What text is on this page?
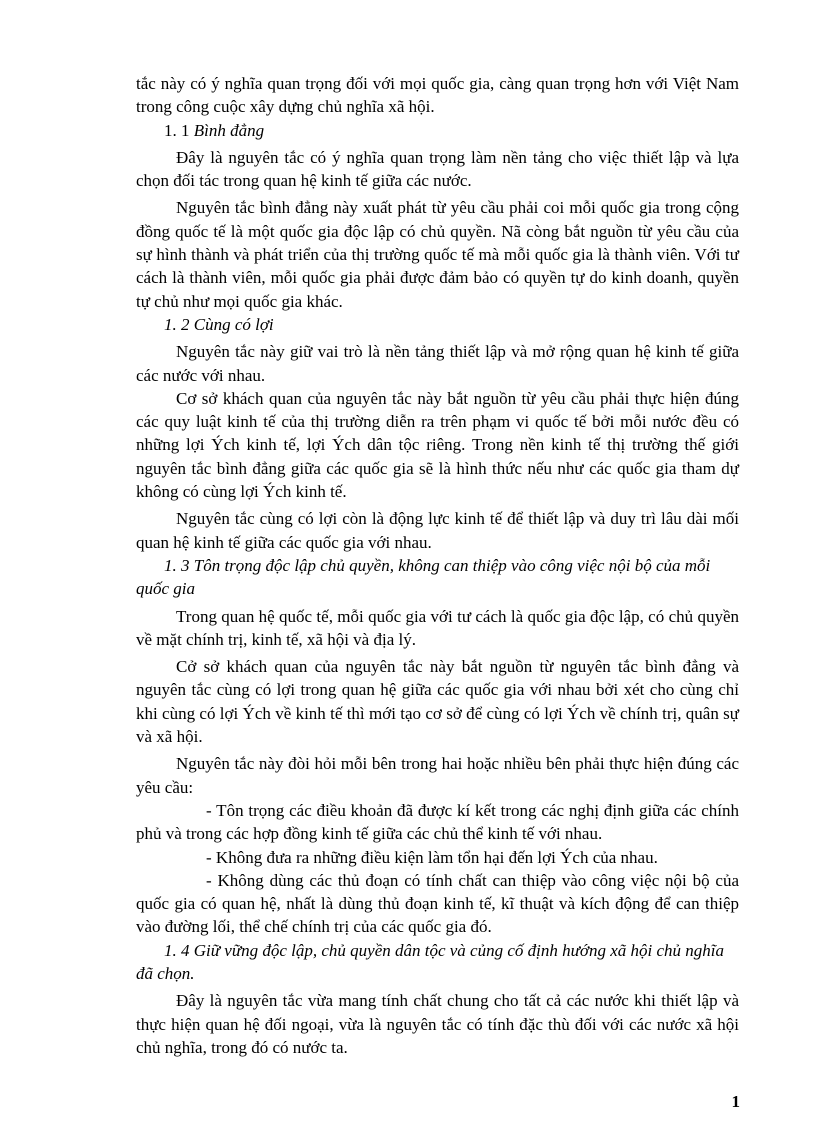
tắc này có ý nghĩa quan trọng đối với mọi quốc gia, càng quan trọng hơn với Việt Nam trong công cuộc xây dựng chủ nghĩa xã hội.

1. 1 Bình đẳng

Đây là nguyên tắc có ý nghĩa quan trọng làm nền tảng cho việc thiết lập và lựa chọn đối tác trong quan hệ kinh tế giữa các nước.

Nguyên tắc bình đẳng này xuất phát từ yêu cầu phải coi mỗi quốc gia trong cộng đồng quốc tế là một quốc gia độc lập có chủ quyền. Nã còng bắt nguồn từ yêu cầu của sự hình thành và phát triển của thị trường quốc tế mà mỗi quốc gia là thành viên. Với tư cách là thành viên, mỗi quốc gia phải được đảm bảo có quyền tự do kinh doanh, quyền tự chủ như mọi quốc gia khác.

1. 2 Cùng có lợi

Nguyên tắc này giữ vai trò là nền tảng thiết lập và mở rộng quan hệ kinh tế giữa các nước với nhau.

Cơ sở khách quan của nguyên tắc này bắt nguồn từ yêu cầu phải thực hiện đúng các quy luật kinh tế của thị trường diễn ra trên phạm vi quốc tế bởi mỗi nước đều có những lợi Ých kinh tế, lợi Ých dân tộc riêng. Trong nền kinh tế thị trường thế giới nguyên tắc bình đẳng giữa các quốc gia sẽ là hình thức nếu như các quốc gia tham dự không có cùng lợi Ých kinh tế.

Nguyên tắc cùng có lợi còn là động lực kinh tế để thiết lập và duy trì lâu dài mối quan hệ kinh tế giữa các quốc gia với nhau.

1. 3 Tôn trọng độc lập chủ quyền, không can thiệp vào công việc nội bộ của mỗi quốc gia

Trong quan hệ quốc tế, mỗi quốc gia với tư cách là quốc gia độc lập, có chủ quyền về mặt chính trị, kinh tế, xã hội và địa lý.

Cở sở khách quan của nguyên tắc này bắt nguồn từ nguyên tắc bình đẳng và nguyên tắc cùng có lợi trong quan hệ giữa các quốc gia với nhau bởi xét cho cùng chỉ khi cùng có lợi Ých về kinh tế thì mới tạo cơ sở để cùng có lợi Ých về chính trị, quân sự và xã hội.

Nguyên tắc này đòi hỏi mỗi bên trong hai hoặc nhiều bên phải thực hiện đúng các yêu cầu:

- Tôn trọng các điều khoản đã được kí kết trong các nghị định giữa các chính phủ và trong các hợp đồng kinh tế giữa các chủ thể kinh tế với nhau.

- Không đưa ra những điều kiện làm tổn hại đến lợi Ých của nhau.

- Không dùng các thủ đoạn có tính chất can thiệp vào công việc nội bộ của quốc gia có quan hệ, nhất là dùng thủ đoạn kinh tế, kĩ thuật và kích động để can thiệp vào đường lối, thể chế chính trị của các quốc gia đó.

1. 4 Giữ vững độc lập, chủ quyền dân tộc và củng cố định hướng xã hội chủ nghĩa đã chọn.

Đây là nguyên tắc vừa mang tính chất chung cho tất cả các nước khi thiết lập và thực hiện quan hệ đối ngoại, vừa là nguyên tắc có tính đặc thù đối với các nước xã hội chủ nghĩa, trong đó có nước ta.

1
